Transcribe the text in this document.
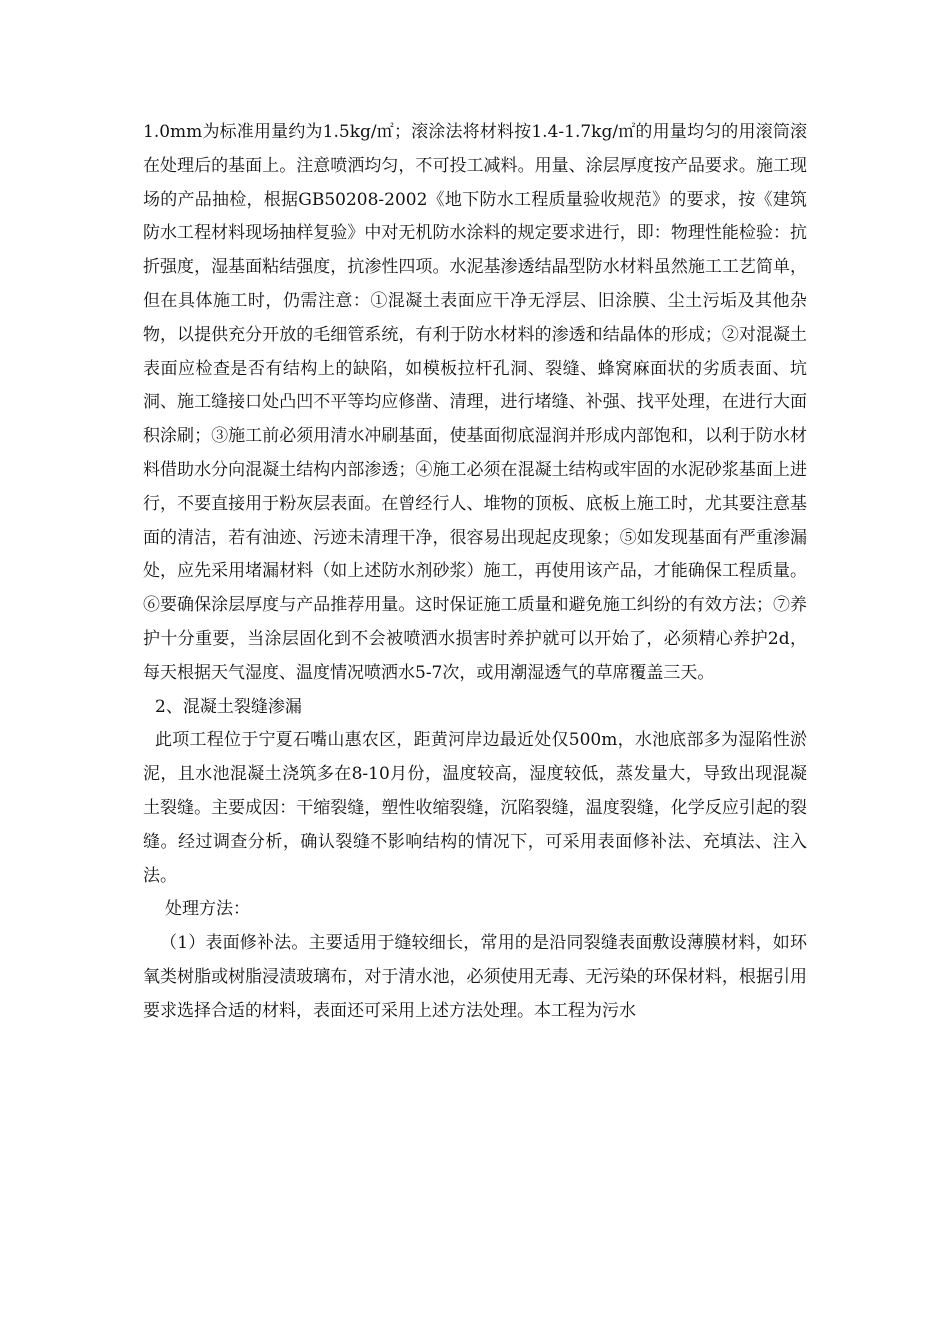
1.0mm为标准用量约为1.5kg/㎡；滚涂法将材料按1.4-1.7kg/㎡的用量均匀的用滚筒滚在处理后的基面上。注意喷洒均匀，不可投工减料。用量、涂层厚度按产品要求。施工现场的产品抽检，根据GB50208-2002《地下防水工程质量验收规范》的要求，按《建筑防水工程材料现场抽样复验》中对无机防水涂料的规定要求进行，即：物理性能检验：抗折强度，湿基面粘结强度，抗渗性四项。水泥基渗透结晶型防水材料虽然施工工艺简单，但在具体施工时，仍需注意：①混凝土表面应干净无浮层、旧涂膜、尘土污垢及其他杂物，以提供充分开放的毛细管系统，有利于防水材料的渗透和结晶体的形成；②对混凝土表面应检查是否有结构上的缺陷，如模板拉杆孔洞、裂缝、蜂窝麻面状的劣质表面、坑洞、施工缝接口处凸凹不平等均应修凿、清理，进行堵缝、补强、找平处理，在进行大面积涂刷；③施工前必须用清水冲刷基面，使基面彻底湿润并形成内部饱和，以利于防水材料借助水分向混凝土结构内部渗透；④施工必须在混凝土结构或牢固的水泥砂浆基面上进行，不要直接用于粉灰层表面。在曾经行人、堆物的顶板、底板上施工时，尤其要注意基面的清洁，若有油迹、污迹未清理干净，很容易出现起皮现象；⑤如发现基面有严重渗漏处，应先采用堵漏材料（如上述防水剂砂浆）施工，再使用该产品，才能确保工程质量。⑥要确保涂层厚度与产品推荐用量。这时保证施工质量和避免施工纠纷的有效方法；⑦养护十分重要，当涂层固化到不会被喷洒水损害时养护就可以开始了，必须精心养护2d，每天根据天气湿度、温度情况喷洒水5-7次，或用潮湿透气的草席覆盖三天。

2、混凝土裂缝渗漏

此项工程位于宁夏石嘴山惠农区，距黄河岸边最近处仅500m，水池底部多为湿陷性淤泥，且水池混凝土浇筑多在8-10月份，温度较高，湿度较低，蒸发量大，导致出现混凝土裂缝。主要成因：干缩裂缝，塑性收缩裂缝，沉陷裂缝，温度裂缝，化学反应引起的裂缝。经过调查分析，确认裂缝不影响结构的情况下，可采用表面修补法、充填法、注入法。

处理方法：

（1）表面修补法。主要适用于缝较细长，常用的是沿同裂缝表面敷设薄膜材料，如环氧类树脂或树脂浸渍玻璃布，对于清水池，必须使用无毒、无污染的环保材料，根据引用要求选择合适的材料，表面还可采用上述方法处理。本工程为污水
